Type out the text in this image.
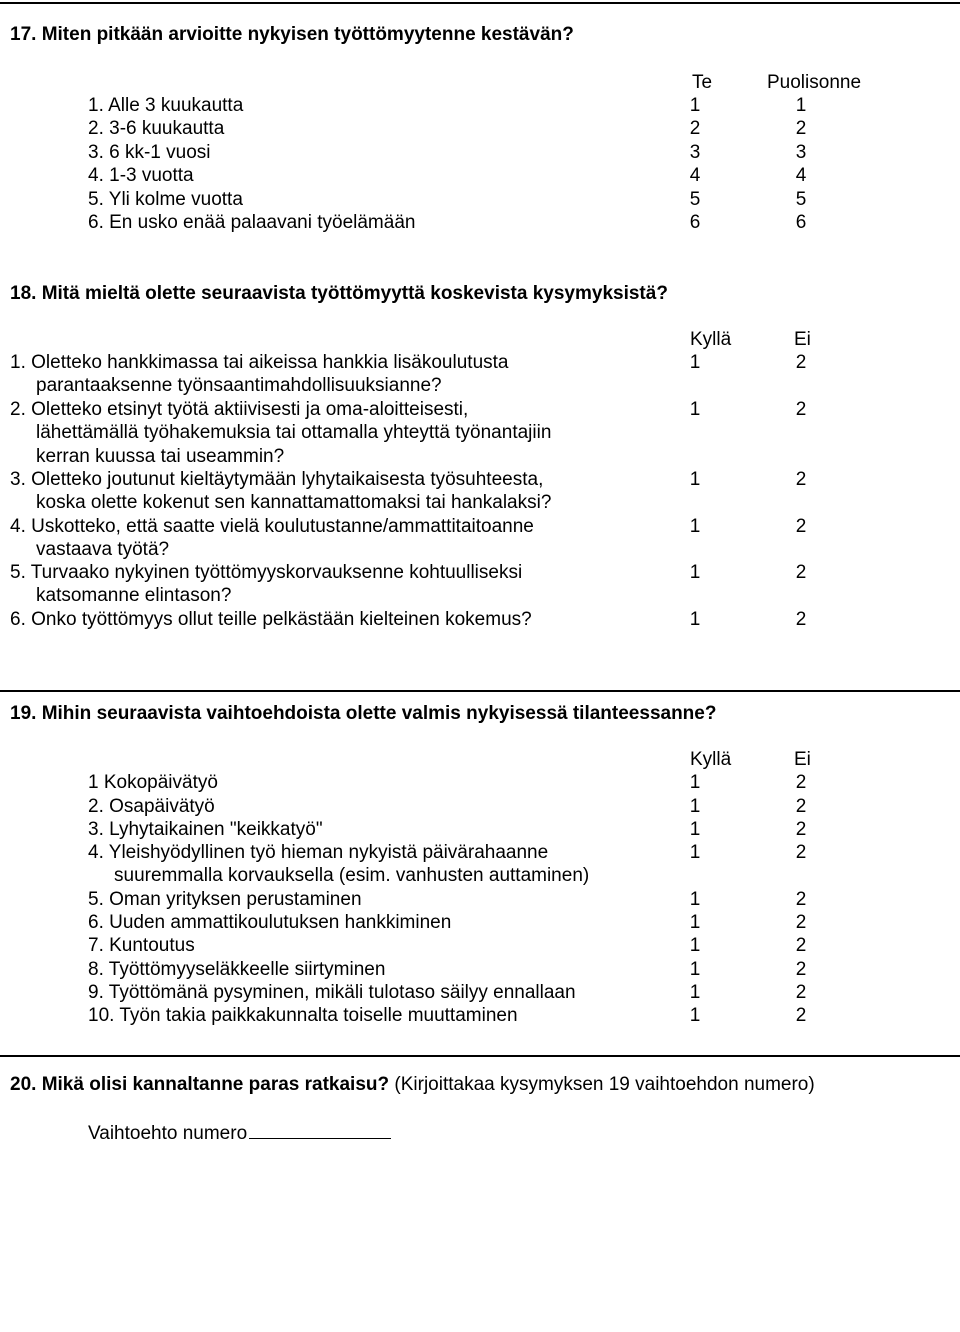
17. Miten pitkään arvioitte nykyisen työttömyytenne kestävän?
Te	Puolisonne
1. Alle 3 kuukautta	1	1
2. 3-6 kuukautta	2	2
3. 6 kk-1 vuosi	3	3
4. 1-3 vuotta	4	4
5. Yli kolme vuotta	5	5
6. En usko enää palaavani työelämään	6	6
18. Mitä mieltä olette seuraavista työttömyyttä koskevista kysymyksistä?
Kyllä	Ei
1. Oletteko hankkimassa tai aikeissa hankkia lisäkoulutusta
parantaaksenne työnsaantimahdollisuuksianne?
1	2
2. Oletteko etsinyt työtä aktiivisesti ja oma-aloitteisesti,
lähettämällä työhakemuksia tai ottamalla yhteyttä työnantajiin
kerran kuussa tai useammin?
1	2
3. Oletteko joutunut kieltäytymään lyhytaikaisesta työsuhteesta,
koska olette kokenut sen kannattamattomaksi tai hankalaksi?
1	2
4. Uskotteko, että saatte vielä koulutustanne/ammattitaitoanne
vastaava työtä?
1	2
5. Turvaako nykyinen työttömyyskorvauksenne kohtuulliseksi
katsomanne elintason?
1	2
6. Onko työttömyys ollut teille pelkästään kielteinen kokemus?	1	2
19. Mihin seuraavista vaihtoehdoista olette valmis nykyisessä tilanteessanne?
Kyllä	Ei
1 Kokopäivätyö	1	2
2. Osapäivätyö	1	2
3. Lyhytaikainen "keikkatyö"	1	2
4. Yleishyödyllinen työ hieman nykyistä päivärahaanne
suuremmalla korvauksella (esim. vanhusten auttaminen)
1	2
5. Oman yrityksen perustaminen	1	2
6. Uuden ammattikoulutuksen hankkiminen	1	2
7. Kuntoutus	1	2
8. Työttömyyseläkkeelle siirtyminen	1	2
9. Työttömänä pysyminen, mikäli tulotaso säilyy ennallaan	1	2
10. Työn takia paikkakunnalta toiselle muuttaminen	1	2
20. Mikä olisi kannaltanne paras ratkaisu? (Kirjoittakaa kysymyksen 19 vaihtoehdon numero)
Vaihtoehto numero
